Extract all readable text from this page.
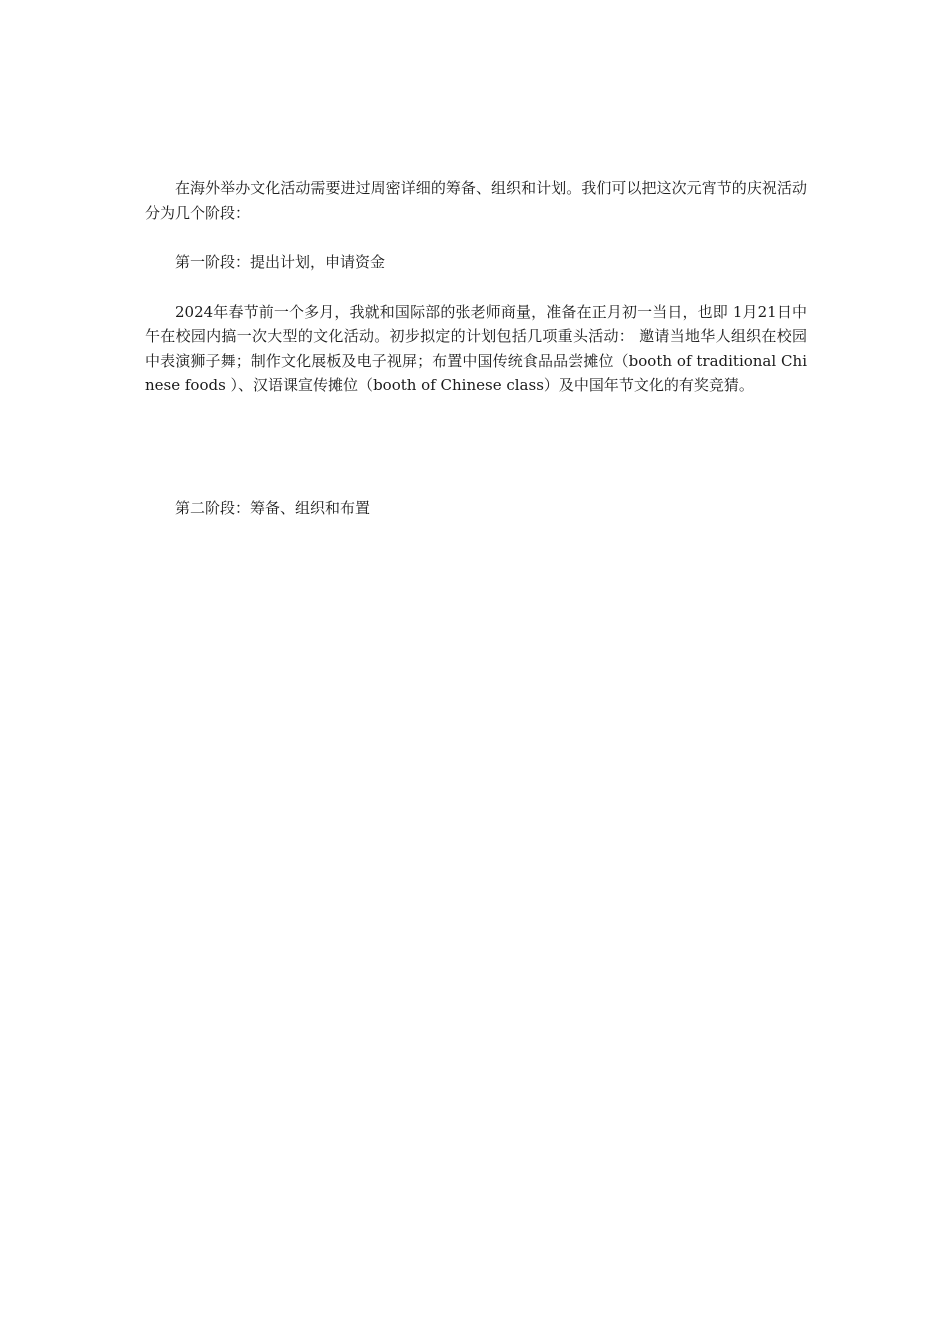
在海外举办文化活动需要进过周密详细的筹备、组织和计划。我们可以把这次元宵节的庆祝活动分为几个阶段：

第一阶段：提出计划，申请资金

2024年春节前一个多月，我就和国际部的张老师商量，准备在正月初一当日，也即 1月21日中午在校园内搞一次大型的文化活动。初步拟定的计划包括几项重头活动： 邀请当地华人组织在校园中表演狮子舞；制作文化展板及电子视屏；布置中国传统食品品尝摊位（booth of traditional Chinese foods ）、汉语课宣传摊位（booth of Chinese class）及中国年节文化的有奖竞猜。

第二阶段：筹备、组织和布置
